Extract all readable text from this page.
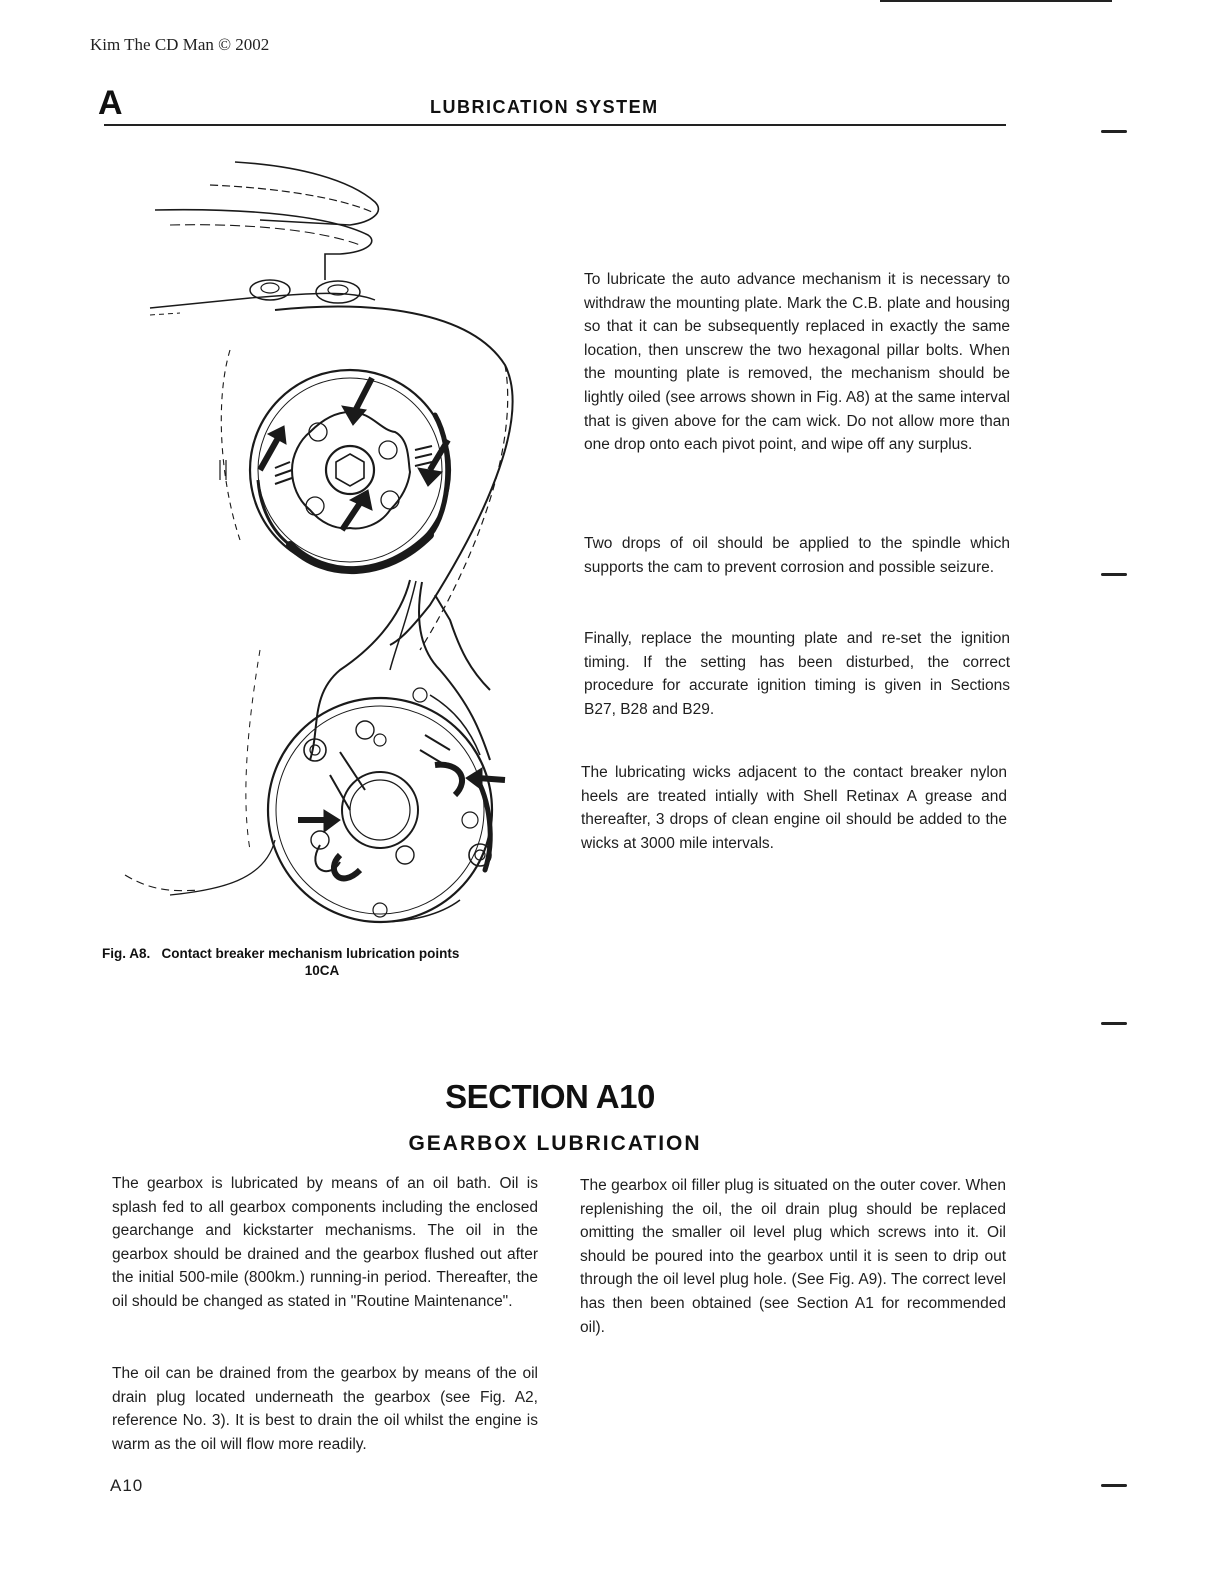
Kim The CD Man © 2002
A	LUBRICATION SYSTEM
Fig. A8. Contact breaker mechanism lubrication points
10CA

To lubricate the auto advance mechanism it is necessary to withdraw the mounting plate. Mark the C.B. plate and housing so that it can be subsequently replaced in exactly the same location, then unscrew the two hexagonal pillar bolts. When the mounting plate is removed, the mechanism should be lightly oiled (see arrows shown in Fig. A8) at the same interval that is given above for the cam wick. Do not allow more than one drop onto each pivot point, and wipe off any surplus.

Two drops of oil should be applied to the spindle which supports the cam to prevent corrosion and possible seizure.

Finally, replace the mounting plate and re-set the ignition timing. If the setting has been disturbed, the correct procedure for accurate ignition timing is given in Sections B27, B28 and B29.

The lubricating wicks adjacent to the contact breaker nylon heels are treated intially with Shell Retinax A grease and thereafter, 3 drops of clean engine oil should be added to the wicks at 3000 mile intervals.

SECTION A10
GEARBOX LUBRICATION

The gearbox is lubricated by means of an oil bath. Oil is splash fed to all gearbox components including the enclosed gearchange and kickstarter mechanisms. The oil in the gearbox should be drained and the gearbox flushed out after the initial 500-mile (800km.) running-in period. Thereafter, the oil should be changed as stated in "Routine Maintenance".

The oil can be drained from the gearbox by means of the oil drain plug located underneath the gearbox (see Fig. A2, reference No. 3). It is best to drain the oil whilst the engine is warm as the oil will flow more readily.

The gearbox oil filler plug is situated on the outer cover. When replenishing the oil, the oil drain plug should be replaced omitting the smaller oil level plug which screws into it. Oil should be poured into the gearbox until it is seen to drip out through the oil level plug hole. (See Fig. A9). The correct level has then been obtained (see Section A1 for recommended oil).

A10
